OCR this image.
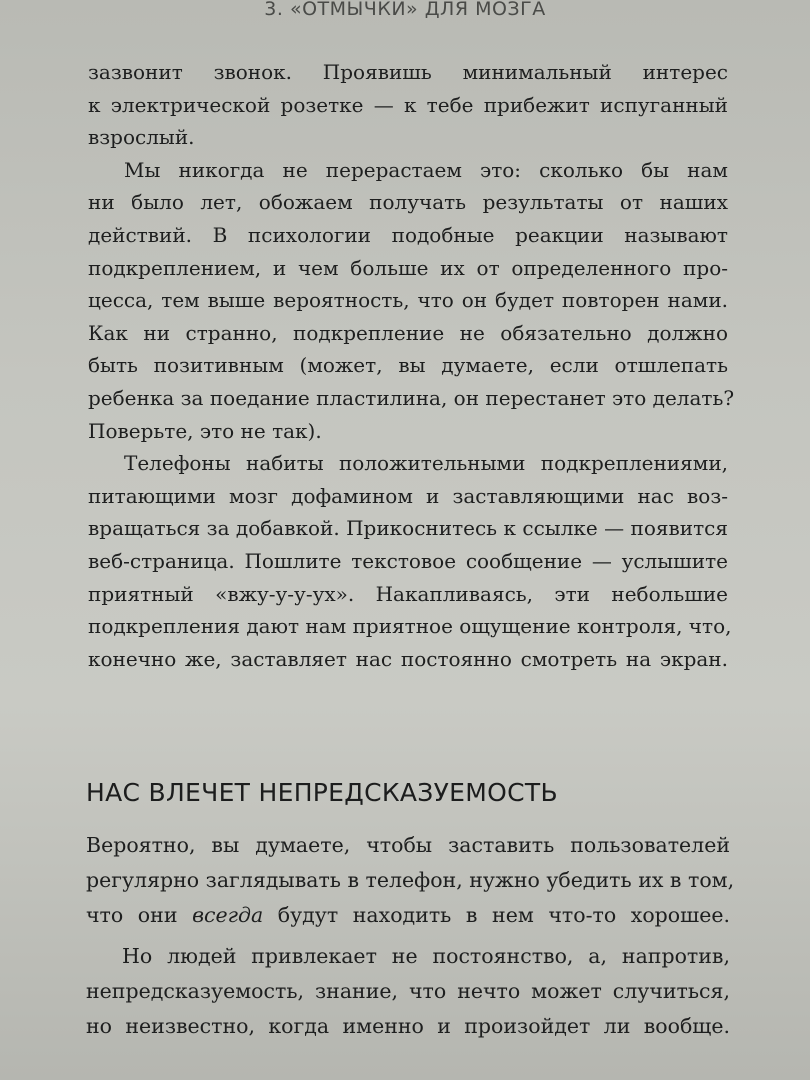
3. «ОТМЫЧКИ» ДЛЯ МОЗГА
зазвонит звонок. Проявишь минимальный интерес
к электрической розетке — к тебе прибежит испуганный
взрослый.
Мы никогда не перерастаем это: сколько бы нам
ни было лет, обожаем получать результаты от наших
действий. В психологии подобные реакции называют
подкреплением, и чем больше их от определенного про-
цесса, тем выше вероятность, что он будет повторен нами.
Как ни странно, подкрепление не обязательно должно
быть позитивным (может, вы думаете, если отшлепать
ребенка за поедание пластилина, он перестанет это делать?
Поверьте, это не так).
Телефоны набиты положительными подкреплениями,
питающими мозг дофамином и заставляющими нас воз-
вращаться за добавкой. Прикоснитесь к ссылке — появится
веб-страница. Пошлите текстовое сообщение — услышите
приятный «вжу-у-у-ух». Накапливаясь, эти небольшие
подкрепления дают нам приятное ощущение контроля, что,
конечно же, заставляет нас постоянно смотреть на экран.
НАС ВЛЕЧЕТ НЕПРЕДСКАЗУЕМОСТЬ
Вероятно, вы думаете, чтобы заставить пользователей
регулярно заглядывать в телефон, нужно убедить их в том,
что они всегда будут находить в нем что-то хорошее.
Но людей привлекает не постоянство, а, напротив,
непредсказуемость, знание, что нечто может случиться,
но неизвестно, когда именно и произойдет ли вообще.
